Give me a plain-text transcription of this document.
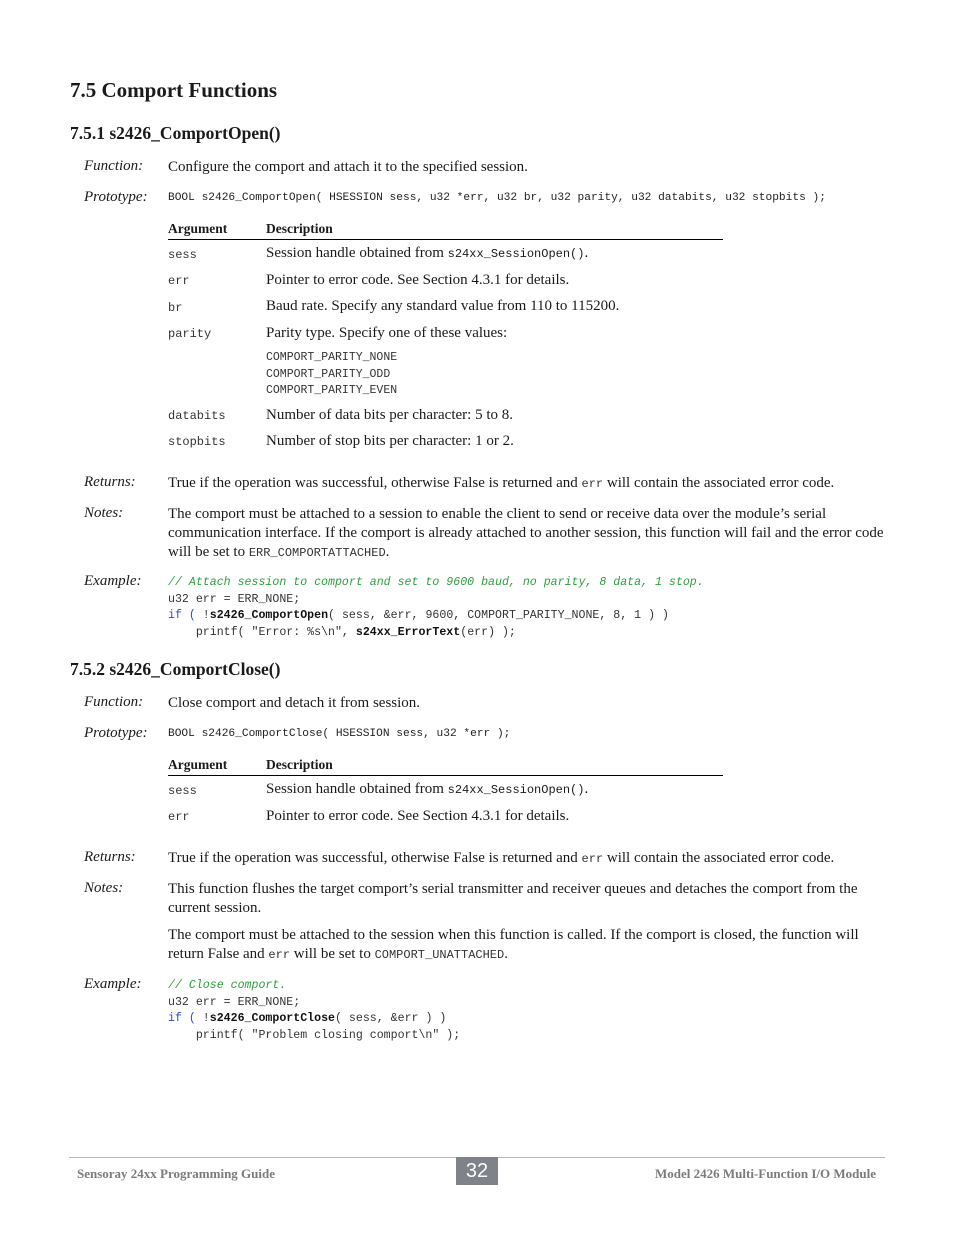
7.5 Comport Functions
7.5.1 s2426_ComportOpen()
Function: Configure the comport and attach it to the specified session.
Prototype: BOOL s2426_ComportOpen( HSESSION sess, u32 *err, u32 br, u32 parity, u32 databits, u32 stopbits );
Argument	Description
sess	Session handle obtained from s24xx_SessionOpen().
err	Pointer to error code. See Section 4.3.1 for details.
br	Baud rate. Specify any standard value from 110 to 115200.
parity	Parity type. Specify one of these values:
COMPORT_PARITY_NONE
COMPORT_PARITY_ODD
COMPORT_PARITY_EVEN
databits	Number of data bits per character: 5 to 8.
stopbits	Number of stop bits per character: 1 or 2.
Returns: True if the operation was successful, otherwise False is returned and err will contain the associated error code.
Notes:	The comport must be attached to a session to enable the client to send or receive data over the module’s serial communication interface. If the comport is already attached to another session, this function will fail and the error code will be set to ERR_COMPORTATTACHED.
Example: // Attach session to comport and set to 9600 baud, no parity, 8 data, 1 stop.
u32 err = ERR_NONE;
if ( !s2426_ComportOpen( sess, &err, 9600, COMPORT_PARITY_NONE, 8, 1 ) )
printf( "Error: %s\n", s24xx_ErrorText(err) );
7.5.2 s2426_ComportClose()
Function: Close comport and detach it from session.
Prototype: BOOL s2426_ComportClose( HSESSION sess, u32 *err );
Argument	Description
sess	Session handle obtained from s24xx_SessionOpen().
err	Pointer to error code. See Section 4.3.1 for details.
Returns: True if the operation was successful, otherwise False is returned and err will contain the associated error code.
Notes:	This function flushes the target comport’s serial transmitter and receiver queues and detaches the comport from the current session.
The comport must be attached to the session when this function is called. If the comport is closed, the function will return False and err will be set to COMPORT_UNATTACHED.
Example: // Close comport.
u32 err = ERR_NONE;
if ( !s2426_ComportClose( sess, &err ) )
printf( "Problem closing comport\n" );
Sensoray 24xx Programming Guide	32	Model 2426 Multi-Function I/O Module
